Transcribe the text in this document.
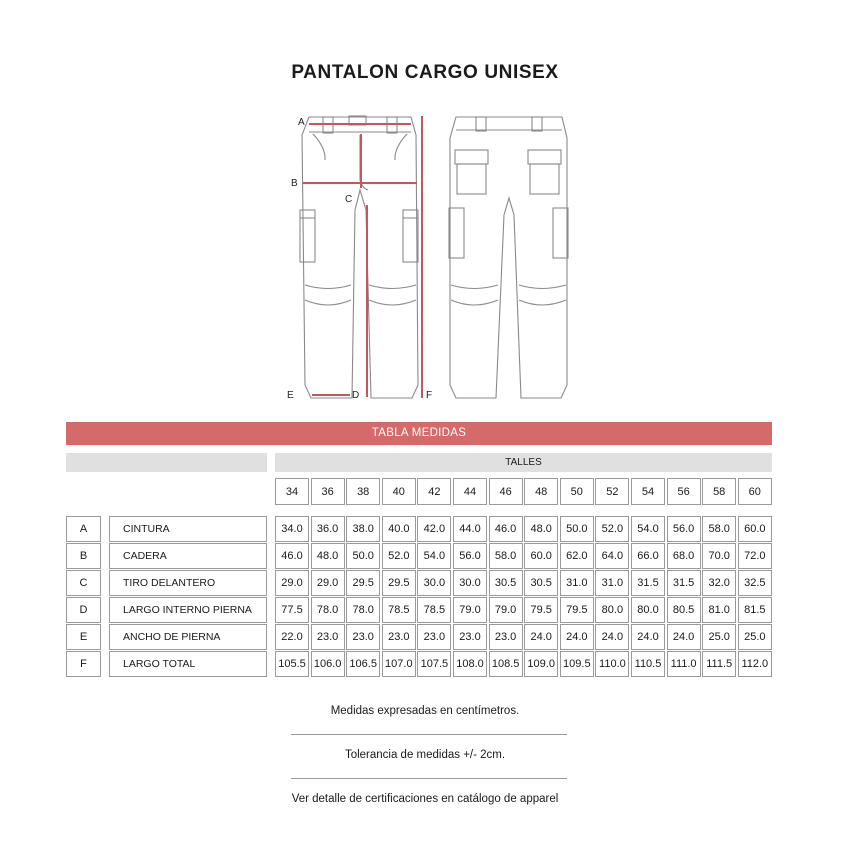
PANTALON CARGO UNISEX
A
B
C
D
E	F
TABLA MEDIDAS
TALLES
34	36	38	40	42	44	46	48	50	52	54	56	58	60
A	CINTURA	34.0	36.0	38.0	40.0	42.0	44.0	46.0	48.0	50.0	52.0	54.0	56.0	58.0	60.0
B	CADERA	46.0	48.0	50.0	52.0	54.0	56.0	58.0	60.0	62.0	64.0	66.0	68.0	70.0	72.0
C	TIRO DELANTERO	29.0	29.0	29.5	29.5	30.0	30.0	30.5	30.5	31.0	31.0	31.5	31.5	32.0	32.5
D	LARGO INTERNO PIERNA	77.5	78.0	78.0	78.5	78.5	79.0	79.0	79.5	79.5	80.0	80.0	80.5	81.0	81.5
E	ANCHO DE PIERNA	22.0	23.0	23.0	23.0	23.0	23.0	23.0	24.0	24.0	24.0	24.0	24.0	25.0	25.0
F	LARGO TOTAL	105.5 106.0 106.5 107.0 107.5 108.0 108.5 109.0 109.5 110.0 110.5 111.0 111.5 112.0
Medidas expresadas en centímetros.
Tolerancia de medidas +/- 2cm.
Ver detalle de certificaciones en catálogo de apparel
